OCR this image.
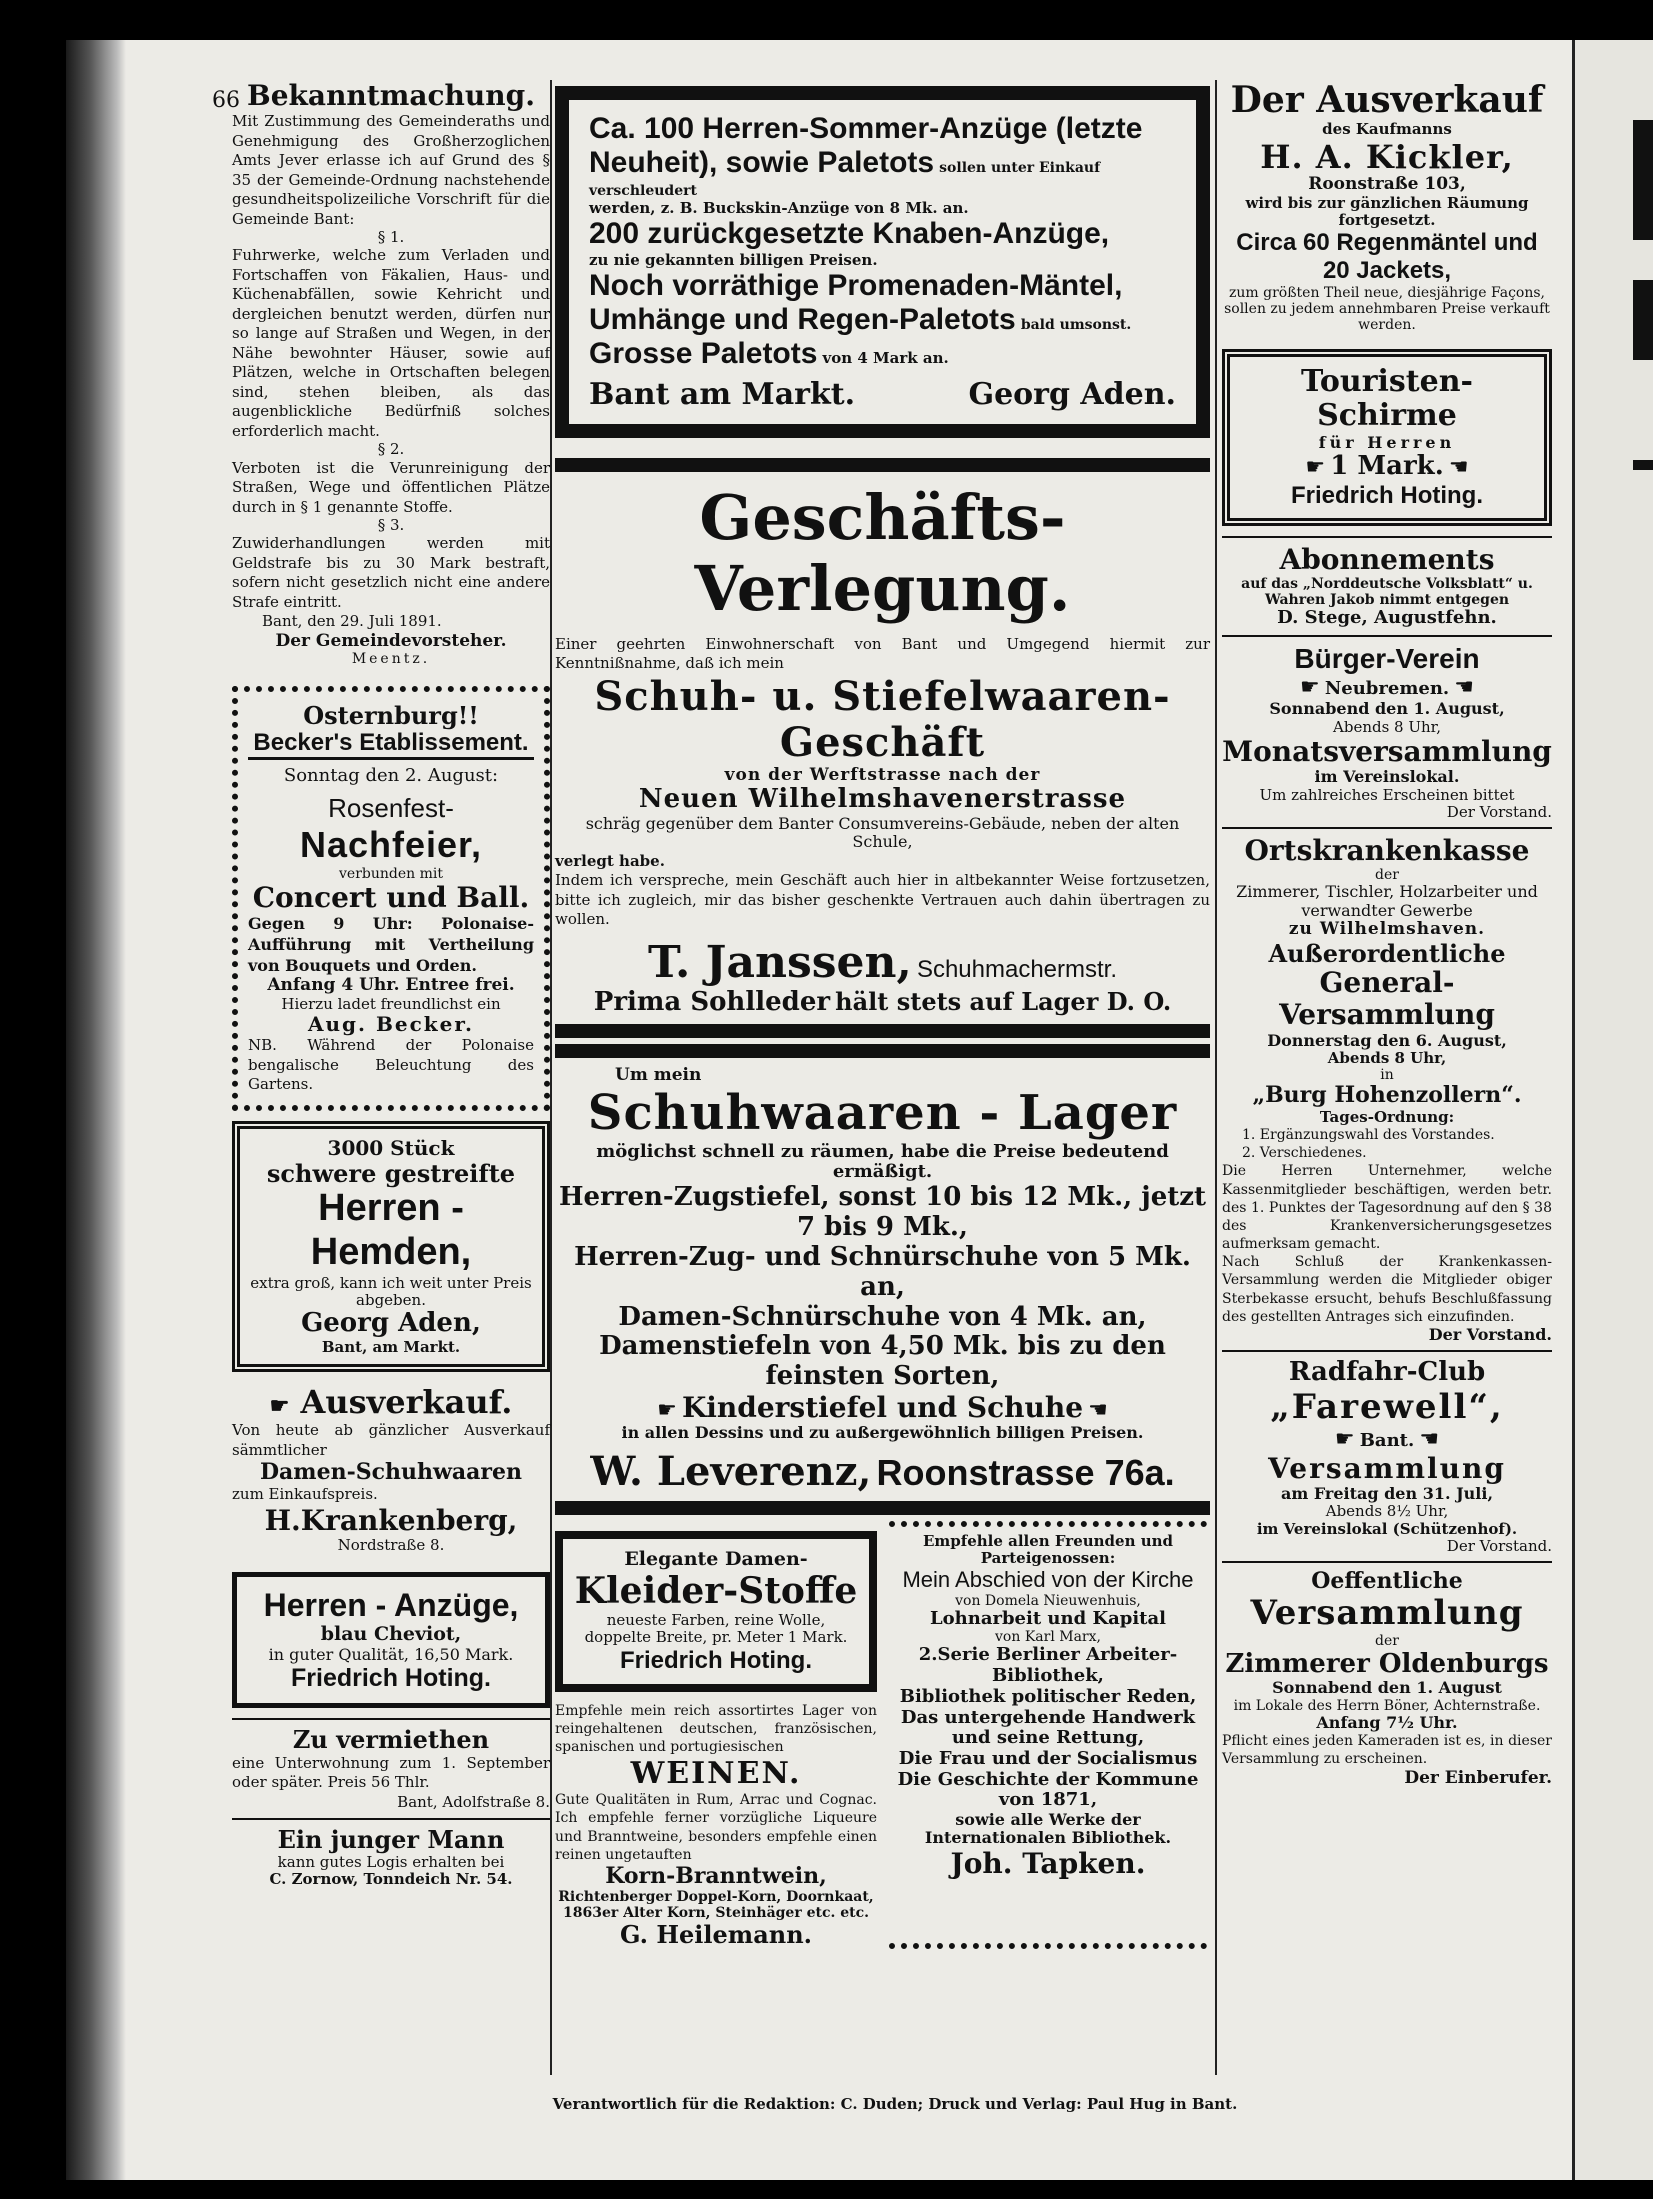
66 Bekanntmachung.

Mit Zustimmung des Gemeinderaths und Genehmigung des Großherzoglichen Amts Jever erlasse ich auf Grund des § 35 der Gemeinde-Ordnung nachstehende gesundheitspolizeiliche Vorschrift für die Gemeinde Bant:

§ 1.

Fuhrwerke, welche zum Verladen und Fortschaffen von Fäkalien, Haus- und Küchenabfällen, sowie Kehricht und dergleichen benutzt werden, dürfen nur so lange auf Straßen und Wegen, in der Nähe bewohnter Häuser, sowie auf Plätzen, welche in Ortschaften belegen sind, stehen bleiben, als das augenblickliche Bedürfniß solches erforderlich macht.

§ 2.

Verboten ist die Verunreinigung der Straßen, Wege und öffentlichen Plätze durch in § 1 genannte Stoffe.

§ 3.

Zuwiderhandlungen werden mit Geldstrafe bis zu 30 Mark bestraft, sofern nicht gesetzlich nicht eine andere Strafe eintritt.

Bant, den 29. Juli 1891.

Der Gemeindevorsteher.

Meentz.

Osternburg!!

Becker's Etablissement.

Sonntag den 2. August:

Rosenfest-

Nachfeier,

verbunden mit

Concert und Ball.

Gegen 9 Uhr: Polonaise-Aufführung mit Vertheilung von Bouquets und Orden.

Anfang 4 Uhr. Entree frei.

Hierzu ladet freundlichst ein

Aug. Becker.

NB. Während der Polonaise bengalische Beleuchtung des Gartens.

3000 Stück

schwere gestreifte

Herren - Hemden,

extra groß, kann ich weit unter Preis abgeben.

Georg Aden,

Bant, am Markt.

☛ Ausverkauf.

Von heute ab gänzlicher Ausverkauf sämmtlicher

Damen-Schuhwaaren

zum Einkaufspreis.

H.Krankenberg,

Nordstraße 8.

Herren - Anzüge,

blau Cheviot,

in guter Qualität, 16,50 Mark.

Friedrich Hoting.

Zu vermiethen

eine Unterwohnung zum 1. September oder später. Preis 56 Thlr.

Bant, Adolfstraße 8.

Ein junger Mann

kann gutes Logis erhalten bei

C. Zornow, Tonndeich Nr. 54.

Ca. 100 Herren-Sommer-Anzüge (letzte

Neuheit), sowie Paletots sollen unter Einkauf verschleudert

werden, z. B. Buckskin-Anzüge von 8 Mk. an.

200 zurückgesetzte Knaben-Anzüge,

zu nie gekannten billigen Preisen.

Noch vorräthige Promenaden-Mäntel,

Umhänge und Regen-Paletots bald umsonst.

Grosse Paletots von 4 Mark an.

Bant am Markt.	Georg Aden.

Geschäfts-Verlegung.

Einer geehrten Einwohnerschaft von Bant und Umgegend hiermit zur Kenntnißnahme, daß ich mein

Schuh- u. Stiefelwaaren-

Geschäft

von der Werftstrasse nach der

Neuen Wilhelmshavenerstrasse

schräg gegenüber dem Banter Consumvereins-Gebäude, neben der alten Schule,

verlegt habe.

Indem ich verspreche, mein Geschäft auch hier in altbekannter Weise fortzusetzen, bitte ich zugleich, mir das bisher geschenkte Vertrauen auch dahin übertragen zu wollen.

T. Janssen, Schuhmachermstr.

Prima Sohlleder hält stets auf Lager D. O.

Um mein

Schuhwaaren - Lager

möglichst schnell zu räumen, habe die Preise bedeutend ermäßigt.

Herren-Zugstiefel, sonst 10 bis 12 Mk., jetzt 7 bis 9 Mk.,

Herren-Zug- und Schnürschuhe von 5 Mk. an,

Damen-Schnürschuhe von 4 Mk. an,

Damenstiefeln von 4,50 Mk. bis zu den feinsten Sorten,

☛ Kinderstiefel und Schuhe ☚

in allen Dessins und zu außergewöhnlich billigen Preisen.

W. Leverenz, Roonstrasse 76a.

Elegante Damen-

Kleider-Stoffe

neueste Farben, reine Wolle, doppelte Breite, pr. Meter 1 Mark.

Friedrich Hoting.

Empfehle mein reich assortirtes Lager von reingehaltenen deutschen, französischen, spanischen und portugiesischen

WEINEN.

Gute Qualitäten in Rum, Arrac und Cognac. Ich empfehle ferner vorzügliche Liqueure und Branntweine, besonders empfehle einen reinen ungetauften

Korn-Branntwein,

Richtenberger Doppel-Korn, Doornkaat, 1863er Alter Korn, Steinhäger etc. etc.

G. Heilemann.

Empfehle allen Freunden und Parteigenossen:

Mein Abschied von der Kirche

von Domela Nieuwenhuis,

Lohnarbeit und Kapital

von Karl Marx,

2.Serie Berliner Arbeiter-Bibliothek,

Bibliothek politischer Reden,

Das untergehende Handwerk und seine Rettung,

Die Frau und der Socialismus

Die Geschichte der Kommune von 1871,

sowie alle Werke der Internationalen Bibliothek.

Joh. Tapken.

Der Ausverkauf

des Kaufmanns

H. A. Kickler,

Roonstraße 103,

wird bis zur gänzlichen Räumung fortgesetzt.

Circa 60 Regenmäntel und

20 Jackets,

zum größten Theil neue, diesjährige Façons, sollen zu jedem annehmbaren Preise verkauft werden.

Touristen-Schirme

für Herren

☛ 1 Mark. ☚

Friedrich Hoting.

Abonnements

auf das „Norddeutsche Volksblatt“ u. Wahren Jakob nimmt entgegen

D. Stege, Augustfehn.

Bürger-Verein

☛ Neubremen. ☚

Sonnabend den 1. August,

Abends 8 Uhr,

Monatsversammlung

im Vereinslokal.

Um zahlreiches Erscheinen bittet

Der Vorstand.

Ortskrankenkasse

der

Zimmerer, Tischler, Holzarbeiter und verwandter Gewerbe

zu Wilhelmshaven.

Außerordentliche

General-Versammlung

Donnerstag den 6. August,

Abends 8 Uhr,

in

„Burg Hohenzollern“.

Tages-Ordnung:

1. Ergänzungswahl des Vorstandes.

2. Verschiedenes.

Die Herren Unternehmer, welche Kassenmitglieder beschäftigen, werden betr. des 1. Punktes der Tagesordnung auf den § 38 des Krankenversicherungsgesetzes aufmerksam gemacht.

Nach Schluß der Krankenkassen-Versammlung werden die Mitglieder obiger Sterbekasse ersucht, behufs Beschlußfassung des gestellten Antrages sich einzufinden.

Der Vorstand.

Radfahr-Club

„Farewell“,

☛ Bant. ☚

Versammlung

am Freitag den 31. Juli,

Abends 8½ Uhr,

im Vereinslokal (Schützenhof).

Der Vorstand.

Oeffentliche

Versammlung

der

Zimmerer Oldenburgs

Sonnabend den 1. August

im Lokale des Herrn Böner, Achternstraße.

Anfang 7½ Uhr.

Pflicht eines jeden Kameraden ist es, in dieser Versammlung zu erscheinen.

Der Einberufer.

Verantwortlich für die Redaktion: C. Duden; Druck und Verlag: Paul Hug in Bant.
